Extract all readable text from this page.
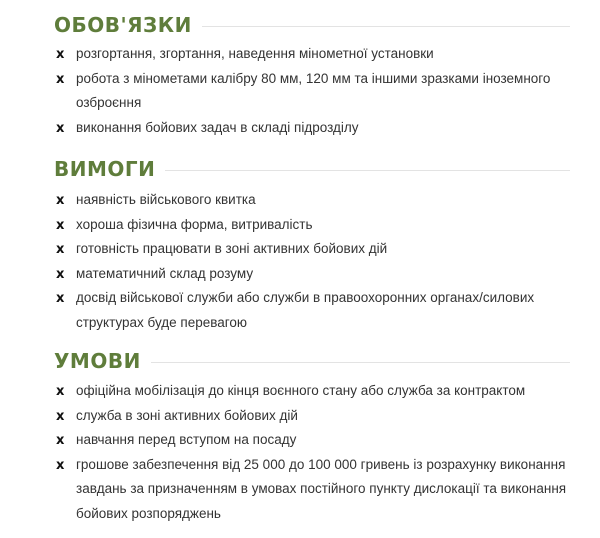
ОБОВ'ЯЗКИ
x розгортання, згортання, наведення мінометної установки
x робота з мінометами калібру 80 мм, 120 мм та іншими зразками іноземного озброєння
x виконання бойових задач в складі підрозділу
ВИМОГИ
x наявність військового квитка
x хороша фізична форма, витривалість
x готовність працювати в зоні активних бойових дій
x математичний склад розуму
x досвід військової служби або служби в правоохоронних органах/силових структурах буде перевагою
УМОВИ
x офіційна мобілізація до кінця воєнного стану або служба за контрактом
x служба в зоні активних бойових дій
x навчання перед вступом на посаду
x грошове забезпечення від 25 000 до 100 000 гривень із розрахунку виконання завдань за призначенням в умовах постійного пункту дислокації та виконання бойових розпоряджень
